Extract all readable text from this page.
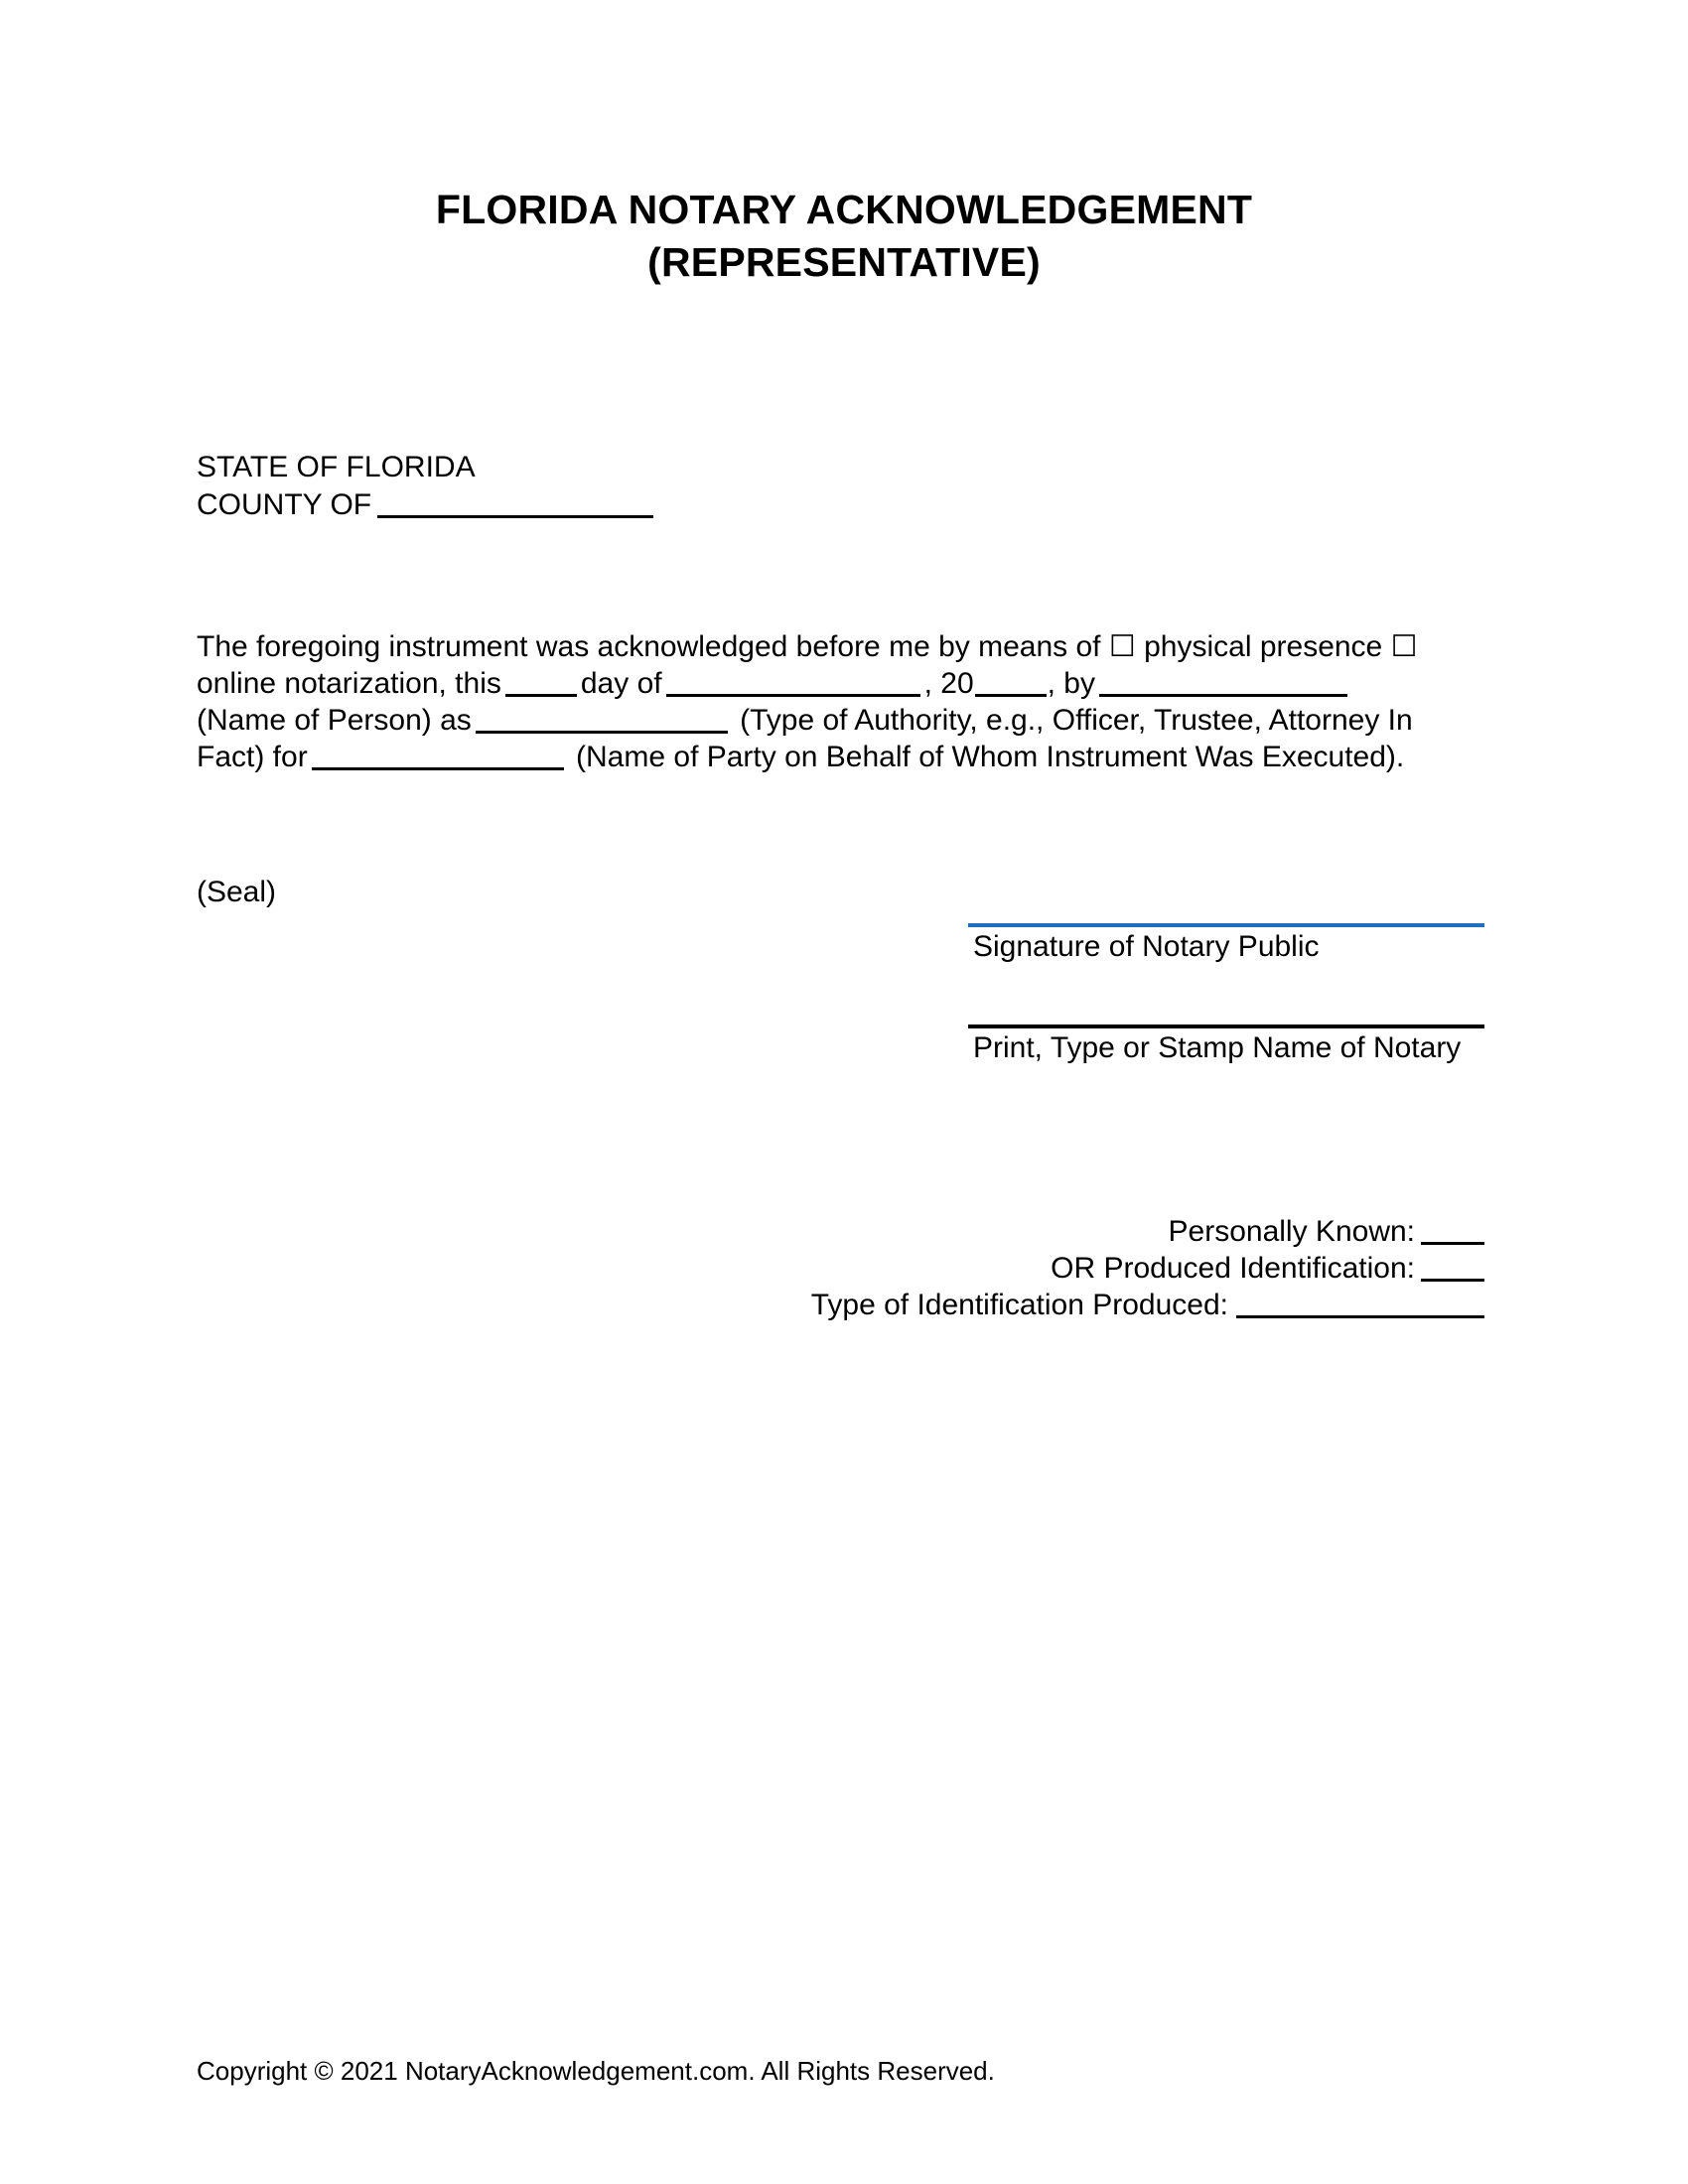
FLORIDA NOTARY ACKNOWLEDGEMENT
(REPRESENTATIVE)
STATE OF FLORIDA
COUNTY OF
The foregoing instrument was acknowledged before me by means of ☐ physical presence ☐
online notarization, this	day of	, 20 , by
(Name of Person) as	(Type of Authority, e.g., Officer, Trustee, Attorney In
Fact) for	(Name of Party on Behalf of Whom Instrument Was Executed).
(Seal)
Signature of Notary Public
Print, Type or Stamp Name of Notary
Personally Known:
OR Produced Identification:
Type of Identification Produced:
Copyright © 2021 NotaryAcknowledgement.com. All Rights Reserved.
